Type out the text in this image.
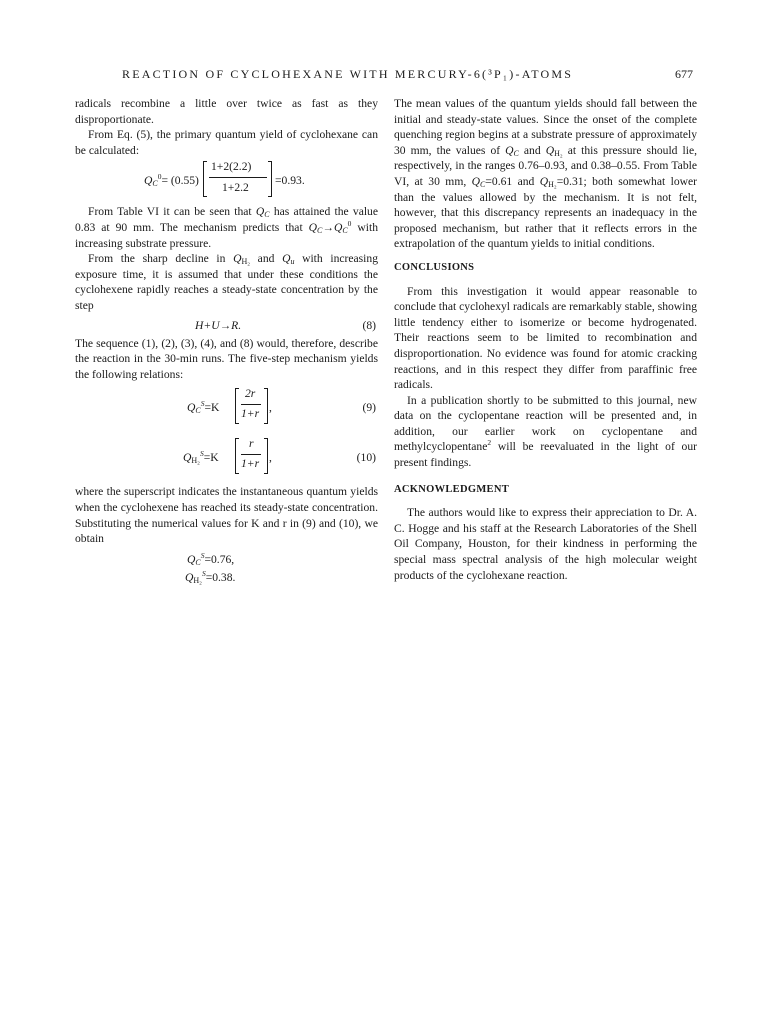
REACTION OF CYCLOHEXANE WITH MERCURY-6(³P₁)-ATOMS	677

radicals recombine a little over twice as fast as they disproportionate.

From Eq. (5), the primary quantum yield of cyclohexane can be calculated:

$Q_C^0= (0.55)$
1+2(2.2)
1+2.2
=0.93.

From Table VI it can be seen that $Q_C$ has attained the value 0.83 at 90 mm. The mechanism predicts that $Q_C\to Q_C^0$ with increasing substrate pressure.

From the sharp decline in $Q_{H_2}$ and $Q_u$ with increasing exposure time, it is assumed that under these conditions the cyclohexene rapidly reaches a steady-state concentration by the step

H+U→R.	(8)

The sequence (1), (2), (3), (4), and (8) would, therefore, describe the reaction in the 30-min runs. The five-step mechanism yields the following relations:

$Q_C^S=K$
2r
1+r ,	(9)
$Q_{H_2}^S=K$
r
1+r ,	(10)

where the superscript indicates the instantaneous quantum yields when the cyclohexene has reached its steady-state concentration. Substituting the numerical values for K and r in (9) and (10), we obtain

$Q_C^S=0.76$,
$Q_{H_2}^S=0.38$.

The mean values of the quantum yields should fall between the initial and steady-state values. Since the onset of the complete quenching region begins at a substrate pressure of approximately 30 mm, the values of $Q_C$ and $Q_{H_2}$ at this pressure should lie, respectively, in the ranges 0.76–0.93, and 0.38–0.55. From Table VI, at 30 mm, $Q_C=0.61$ and $Q_{H_2}=0.31$; both somewhat lower than the values allowed by the mechanism. It is not felt, however, that this discrepancy represents an inadequacy in the proposed mechanism, but rather that it reflects errors in the extrapolation of the quantum yields to initial conditions.

CONCLUSIONS

From this investigation it would appear reasonable to conclude that cyclohexyl radicals are remarkably stable, showing little tendency either to isomerize or become hydrogenated. Their reactions seem to be limited to recombination and disproportionation. No evidence was found for atomic cracking reactions, and in this respect they differ from paraffinic free radicals.

In a publication shortly to be submitted to this journal, new data on the cyclopentane reaction will be presented and, in addition, our earlier work on cyclopentane and methylcyclopentane$^2$ will be reevaluated in the light of our present findings.

ACKNOWLEDGMENT

The authors would like to express their appreciation to Dr. A. C. Hogge and his staff at the Research Laboratories of the Shell Oil Company, Houston, for their kindness in performing the special mass spectral analysis of the high molecular weight products of the cyclohexane reaction.
